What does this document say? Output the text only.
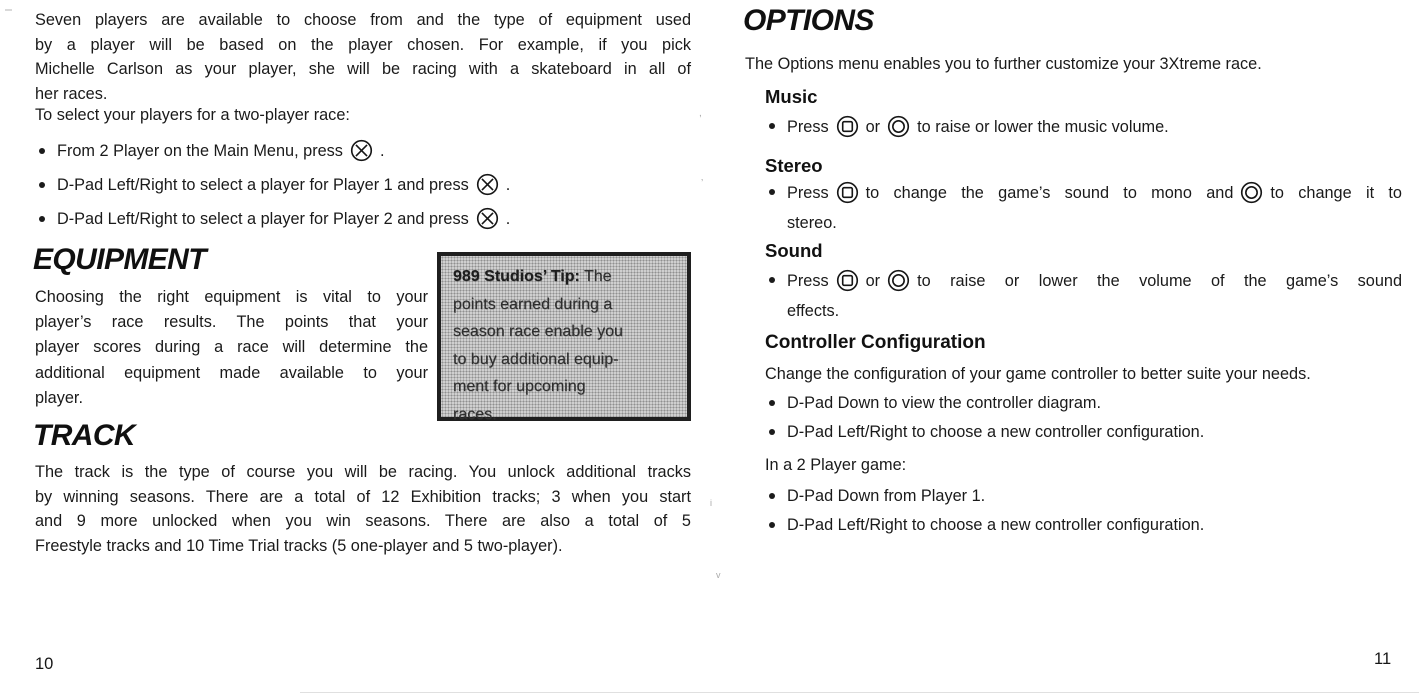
Seven players are available to choose from and the type of equipment used
by a player will be based on the player chosen. For example, if you pick
Michelle Carlson as your player, she will be racing with a skateboard in all of
her races.
To select your players for a two-player race:
From 2 Player on the Main Menu, press .
D-Pad Left/Right to select a player for Player 1 and press .
D-Pad Left/Right to select a player for Player 2 and press .
EQUIPMENT
Choosing the right equipment is vital to your
player’s race results. The points that your
player scores during a race will determine the
additional equipment made available to your
player.
989 Studios’ Tip: The
points earned during a
season race enable you
to buy additional equip-
ment for upcoming
races.
TRACK
The track is the type of course you will be racing. You unlock additional tracks
by winning seasons. There are a total of 12 Exhibition tracks; 3 when you start
and 9 more unlocked when you win seasons. There are also a total of 5
Freestyle tracks and 10 Time Trial tracks (5 one-player and 5 two-player).
10
OPTIONS
The Options menu enables you to further customize your 3Xtreme race.
Music
Press or to raise or lower the music volume.
Stereo
Press to change the game’s sound to mono and to change it to
stereo.
Sound
Press or to raise or lower the volume of the game’s sound
effects.
Controller Configuration
Change the configuration of your game controller to better suite your needs.
D-Pad Down to view the controller diagram.
D-Pad Left/Right to choose a new controller configuration.
In a 2 Player game:
D-Pad Down from Player 1.
D-Pad Left/Right to choose a new controller configuration.
11
,
’
i
v
